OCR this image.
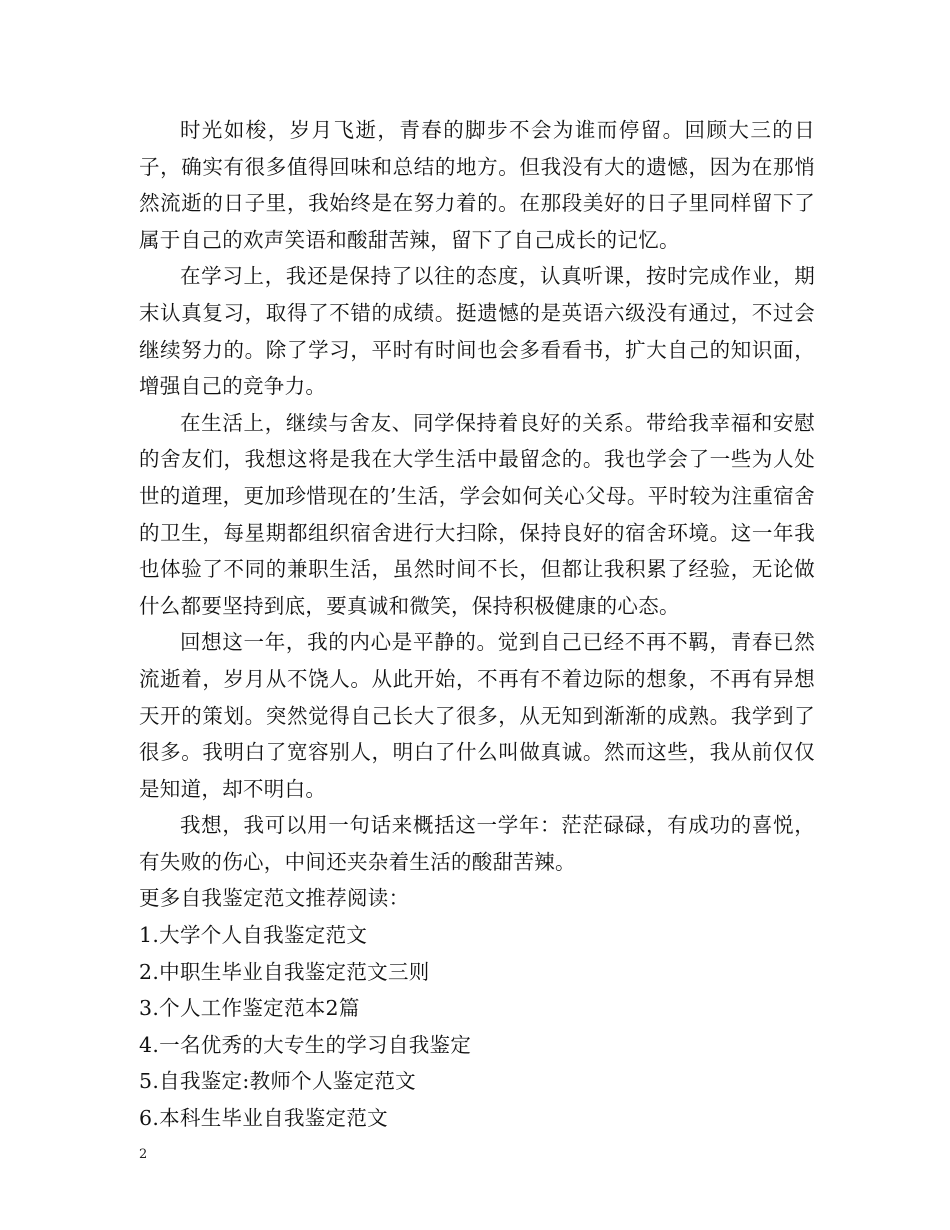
时光如梭，岁月飞逝，青春的脚步不会为谁而停留。回顾大三的日子，确实有很多值得回味和总结的地方。但我没有大的遗憾，因为在那悄然流逝的日子里，我始终是在努力着的。在那段美好的日子里同样留下了属于自己的欢声笑语和酸甜苦辣，留下了自己成长的记忆。

在学习上，我还是保持了以往的态度，认真听课，按时完成作业，期末认真复习，取得了不错的成绩。挺遗憾的是英语六级没有通过，不过会继续努力的。除了学习，平时有时间也会多看看书，扩大自己的知识面，增强自己的竞争力。

在生活上，继续与舍友、同学保持着良好的关系。带给我幸福和安慰的舍友们，我想这将是我在大学生活中最留念的。我也学会了一些为人处世的道理，更加珍惜现在的’生活，学会如何关心父母。平时较为注重宿舍的卫生，每星期都组织宿舍进行大扫除，保持良好的宿舍环境。这一年我也体验了不同的兼职生活，虽然时间不长，但都让我积累了经验，无论做什么都要坚持到底，要真诚和微笑，保持积极健康的心态。

回想这一年，我的内心是平静的。觉到自己已经不再不羁，青春已然流逝着，岁月从不饶人。从此开始，不再有不着边际的想象，不再有异想天开的策划。突然觉得自己长大了很多，从无知到渐渐的成熟。我学到了很多。我明白了宽容别人，明白了什么叫做真诚。然而这些，我从前仅仅是知道，却不明白。

我想，我可以用一句话来概括这一学年：茫茫碌碌，有成功的喜悦，有失败的伤心，中间还夹杂着生活的酸甜苦辣。

更多自我鉴定范文推荐阅读：

1.大学个人自我鉴定范文
2.中职生毕业自我鉴定范文三则
3.个人工作鉴定范本2篇
4.一名优秀的大专生的学习自我鉴定
5.自我鉴定:教师个人鉴定范文
6.本科生毕业自我鉴定范文
2
